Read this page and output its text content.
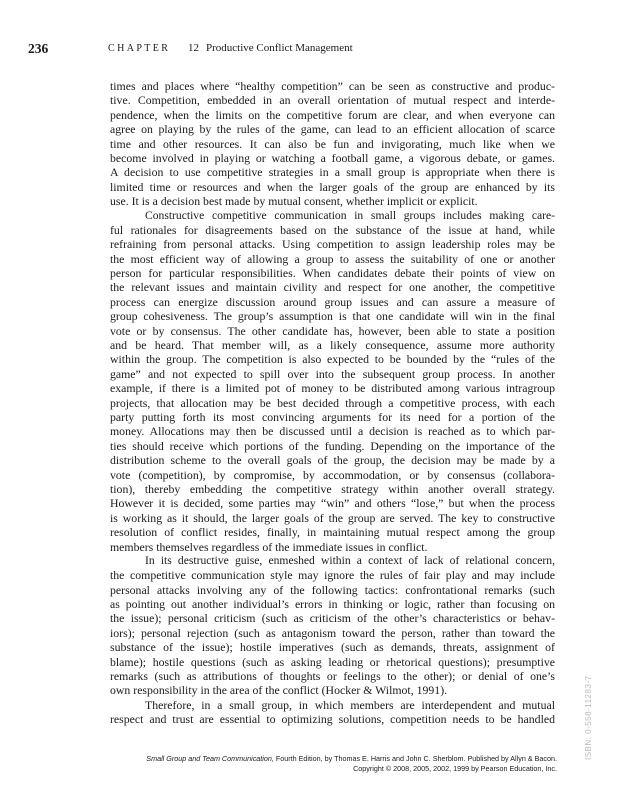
236	CHAPTER 12 Productive Conflict Management
times and places where “healthy competition” can be seen as constructive and produc-
tive. Competition, embedded in an overall orientation of mutual respect and interde-
pendence, when the limits on the competitive forum are clear, and when everyone can
agree on playing by the rules of the game, can lead to an efficient allocation of scarce
time and other resources. It can also be fun and invigorating, much like when we
become involved in playing or watching a football game, a vigorous debate, or games.
A decision to use competitive strategies in a small group is appropriate when there is
limited time or resources and when the larger goals of the group are enhanced by its
use. It is a decision best made by mutual consent, whether implicit or explicit.
Constructive competitive communication in small groups includes making care-
ful rationales for disagreements based on the substance of the issue at hand, while
refraining from personal attacks. Using competition to assign leadership roles may be
the most efficient way of allowing a group to assess the suitability of one or another
person for particular responsibilities. When candidates debate their points of view on
the relevant issues and maintain civility and respect for one another, the competitive
process can energize discussion around group issues and can assure a measure of
group cohesiveness. The group’s assumption is that one candidate will win in the final
vote or by consensus. The other candidate has, however, been able to state a position
and be heard. That member will, as a likely consequence, assume more authority
within the group. The competition is also expected to be bounded by the “rules of the
game” and not expected to spill over into the subsequent group process. In another
example, if there is a limited pot of money to be distributed among various intragroup
projects, that allocation may be best decided through a competitive process, with each
party putting forth its most convincing arguments for its need for a portion of the
money. Allocations may then be discussed until a decision is reached as to which par-
ties should receive which portions of the funding. Depending on the importance of the
distribution scheme to the overall goals of the group, the decision may be made by a
vote (competition), by compromise, by accommodation, or by consensus (collabora-
tion), thereby embedding the competitive strategy within another overall strategy.
However it is decided, some parties may “win” and others “lose,” but when the process
is working as it should, the larger goals of the group are served. The key to constructive
resolution of conflict resides, finally, in maintaining mutual respect among the group
members themselves regardless of the immediate issues in conflict.
In its destructive guise, enmeshed within a context of lack of relational concern,
the competitive communication style may ignore the rules of fair play and may include
personal attacks involving any of the following tactics: confrontational remarks (such
as pointing out another individual’s errors in thinking or logic, rather than focusing on
the issue); personal criticism (such as criticism of the other’s characteristics or behav-
iors); personal rejection (such as antagonism toward the person, rather than toward the
substance of the issue); hostile imperatives (such as demands, threats, assignment of
blame); hostile questions (such as asking leading or rhetorical questions); presumptive
remarks (such as attributions of thoughts or feelings to the other); or denial of one’s
own responsibility in the area of the conflict (Hocker & Wilmot, 1991).
Therefore, in a small group, in which members are interdependent and mutual
respect and trust are essential to optimizing solutions, competition needs to be handled	ISBN: 0-558-11283-7
Small Group and Team Communication, Fourth Edition, by Thomas E. Harris and John C. Sherblom. Published by Allyn & Bacon.
Copyright © 2008, 2005, 2002, 1999 by Pearson Education, Inc.
